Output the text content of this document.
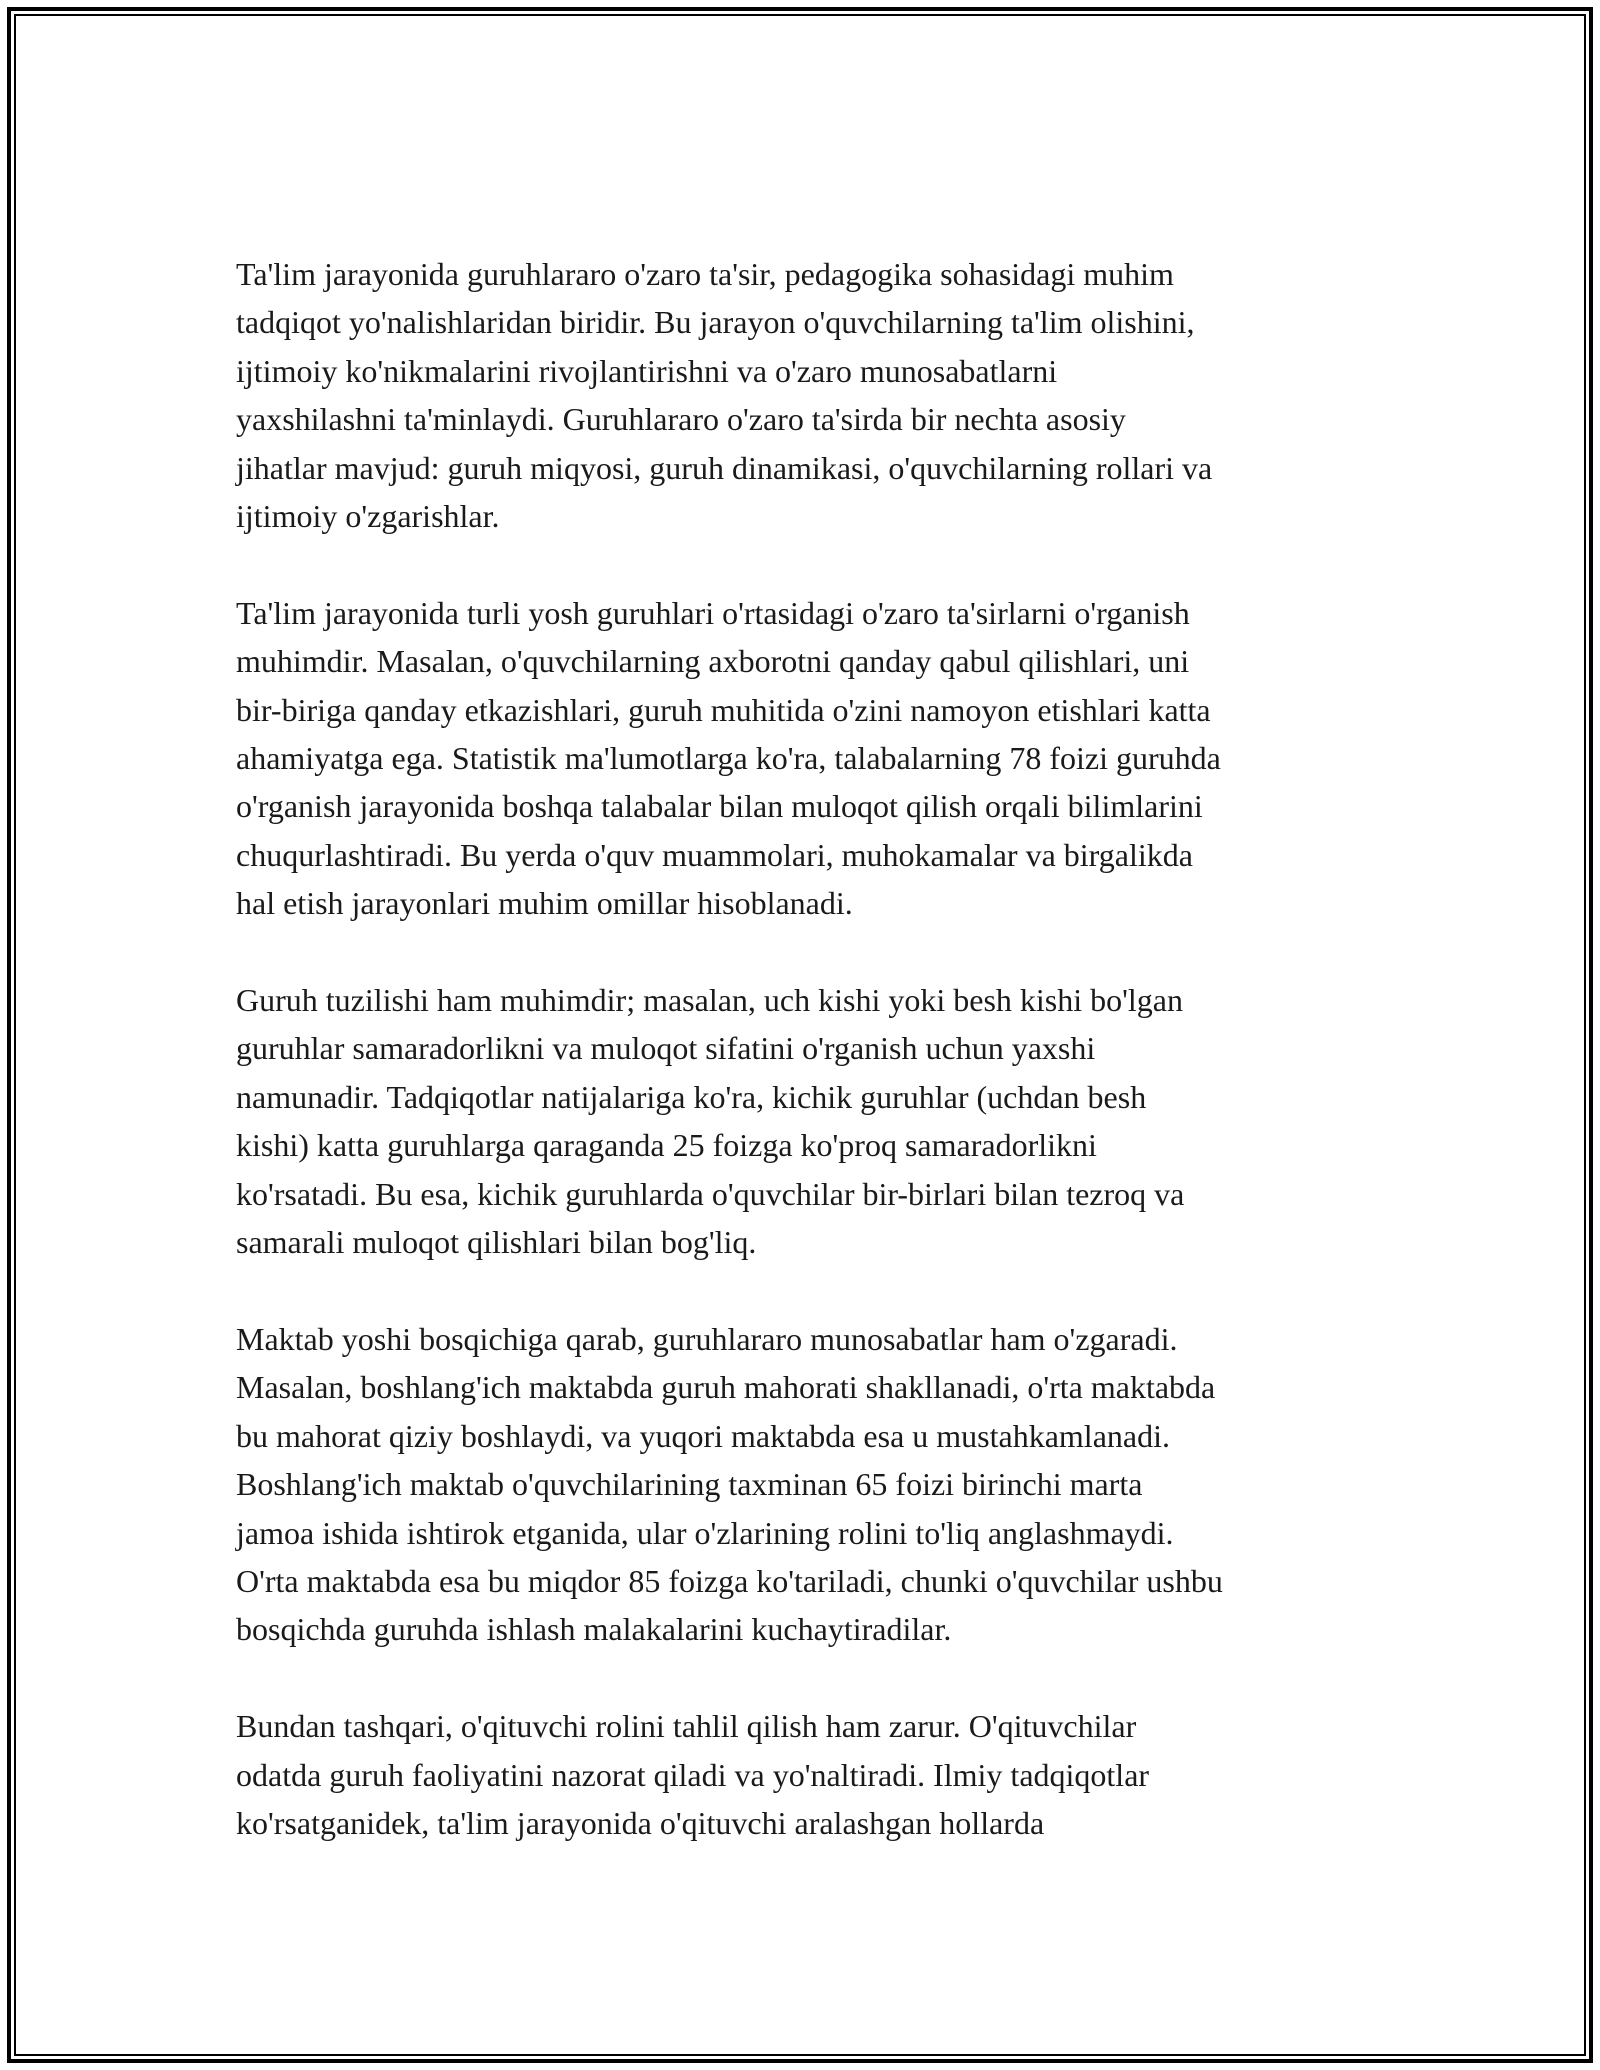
Ta'lim jarayonida guruhlararo o'zaro ta'sir, pedagogika sohasidagi muhim
tadqiqot yo'nalishlaridan biridir. Bu jarayon o'quvchilarning ta'lim olishini,
ijtimoiy ko'nikmalarini rivojlantirishni va o'zaro munosabatlarni
yaxshilashni ta'minlaydi. Guruhlararo o'zaro ta'sirda bir nechta asosiy
jihatlar mavjud: guruh miqyosi, guruh dinamikasi, o'quvchilarning rollari va
ijtimoiy o'zgarishlar.

Ta'lim jarayonida turli yosh guruhlari o'rtasidagi o'zaro ta'sirlarni o'rganish
muhimdir. Masalan, o'quvchilarning axborotni qanday qabul qilishlari, uni
bir-biriga qanday etkazishlari, guruh muhitida o'zini namoyon etishlari katta
ahamiyatga ega. Statistik ma'lumotlarga ko'ra, talabalarning 78 foizi guruhda
o'rganish jarayonida boshqa talabalar bilan muloqot qilish orqali bilimlarini
chuqurlashtiradi. Bu yerda o'quv muammolari, muhokamalar va birgalikda
hal etish jarayonlari muhim omillar hisoblanadi.

Guruh tuzilishi ham muhimdir; masalan, uch kishi yoki besh kishi bo'lgan
guruhlar samaradorlikni va muloqot sifatini o'rganish uchun yaxshi
namunadir. Tadqiqotlar natijalariga ko'ra, kichik guruhlar (uchdan besh
kishi) katta guruhlarga qaraganda 25 foizga ko'proq samaradorlikni
ko'rsatadi. Bu esa, kichik guruhlarda o'quvchilar bir-birlari bilan tezroq va
samarali muloqot qilishlari bilan bog'liq.

Maktab yoshi bosqichiga qarab, guruhlararo munosabatlar ham o'zgaradi.
Masalan, boshlang'ich maktabda guruh mahorati shakllanadi, o'rta maktabda
bu mahorat qiziy boshlaydi, va yuqori maktabda esa u mustahkamlanadi.
Boshlang'ich maktab o'quvchilarining taxminan 65 foizi birinchi marta
jamoa ishida ishtirok etganida, ular o'zlarining rolini to'liq anglashmaydi.
O'rta maktabda esa bu miqdor 85 foizga ko'tariladi, chunki o'quvchilar ushbu
bosqichda guruhda ishlash malakalarini kuchaytiradilar.

Bundan tashqari, o'qituvchi rolini tahlil qilish ham zarur. O'qituvchilar
odatda guruh faoliyatini nazorat qiladi va yo'naltiradi. Ilmiy tadqiqotlar
ko'rsatganidek, ta'lim jarayonida o'qituvchi aralashgan hollarda
